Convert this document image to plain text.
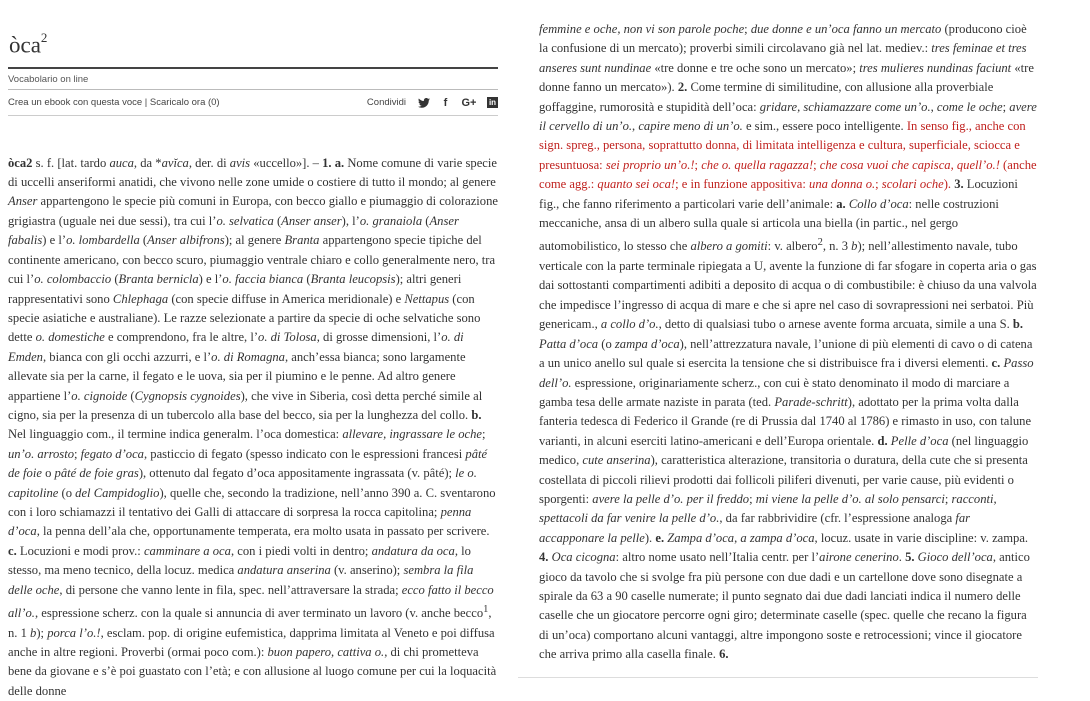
òca$^2$
Vocabolario on line
Crea un ebook con questa voce | Scaricalo ora (0)	Condividi	f	G+ in
òca2 s. f. [lat. tardo auca, da *avĭca, der. di avis «uccello»]. – 1. a. Nome comune di varie specie di uccelli anseriformi anatidi, che vivono nelle zone umide o costiere di tutto il mondo; al genere Anser appartengono le specie più comuni in Europa, con becco giallo e piumaggio di colorazione grigiastra (uguale nei due sessi), tra cui l’o. selvatica (Anser anser), l’o. granaiola (Anser fabalis) e l’o. lombardella (Anser albifrons); al genere Branta appartengono specie tipiche del continente americano, con becco scuro, piumaggio ventrale chiaro e collo generalmente nero, tra cui l’o. colombaccio (Branta bernicla) e l’o. faccia bianca (Branta leucopsis); altri generi rappresentativi sono Chlephaga (con specie diffuse in America meridionale) e Nettapus (con specie asiatiche e australiane). Le razze selezionate a partire da specie di oche selvatiche sono dette o. domestiche e comprendono, fra le altre, l’o. di Tolosa, di grosse dimensioni, l’o. di Emden, bianca con gli occhi azzurri, e l’o. di Romagna, anch’essa bianca; sono largamente allevate sia per la carne, il fegato e le uova, sia per il piumino e le penne. Ad altro genere appartiene l’o. cignoide (Cygnopsis cygnoides), che vive in Siberia, così detta perché simile al cigno, sia per la presenza di un tubercolo alla base del becco, sia per la lunghezza del collo. b. Nel linguaggio com., il termine indica generalm. l’oca domestica: allevare, ingrassare le oche; un’o. arrosto; fegato d’oca, pasticcio di fegato (spesso indicato con le espressioni francesi pâté de foie o pâté de foie gras), ottenuto dal fegato d’oca appositamente ingrassata (v. pâté); le o. capitoline (o del Campidoglio), quelle che, secondo la tradizione, nell’anno 390 a. C. sventarono con i loro schiamazzi il tentativo dei Galli di attaccare di sorpresa la rocca capitolina; penna d’oca, la penna dell’ala che, opportunamente temperata, era molto usata in passato per scrivere. c. Locuzioni e modi prov.: camminare a oca, con i piedi volti in dentro; andatura da oca, lo stesso, ma meno tecnico, della locuz. medica andatura anserina (v. anserino); sembra la fila delle oche, di persone che vanno lente in fila, spec. nell’attraversare la strada; ecco fatto il becco all’o., espressione scherz. con la quale si annuncia di aver terminato un lavoro (v. anche becco$^1$, n. 1 b); porca l’o.!, esclam. pop. di origine eufemistica, dapprima limitata al Veneto e poi diffusa anche in altre regioni. Proverbi (ormai poco com.): buon papero, cattiva o., di chi prometteva bene da giovane e s’è poi guastato con l’età; e con allusione al luogo comune per cui la loquacità delle donne
femmine e oche, non vi son parole poche; due donne e un’oca fanno un mercato (producono cioè la confusione di un mercato); proverbi simili circolavano già nel lat. mediev.: tres feminae et tres anseres sunt nundinae «tre donne e tre oche sono un mercato»; tres mulieres nundinas faciunt «tre donne fanno un mercato»). 2. Come termine di similitudine, con allusione alla proverbiale goffaggine, rumorosità e stupidità dell’oca: gridare, schiamazzare come un’o., come le oche; avere il cervello di un’o., capire meno di un’o. e sim., essere poco intelligente. In senso fig., anche con sign. spreg., persona, soprattutto donna, di limitata intelligenza e cultura, superficiale, sciocca e presuntuosa: sei proprio un’o.!; che o. quella ragazza!; che cosa vuoi che capisca, quell’o.! (anche come agg.: quanto sei oca!; e in funzione appositiva: una donna o.; scolari oche). 3. Locuzioni fig., che fanno riferimento a particolari varie dell’animale: a. Collo d’oca: nelle costruzioni meccaniche, ansa di un albero sulla quale si articola una biella (in partic., nel gergo automobilistico, lo stesso che albero a gomiti: v. albero$^2$, n. 3 b); nell’allestimento navale, tubo verticale con la parte terminale ripiegata a U, avente la funzione di far sfogare in coperta aria o gas dai sottostanti compartimenti adibiti a deposito di acqua o di combustibile: è chiuso da una valvola che impedisce l’ingresso di acqua di mare e che si apre nel caso di sovrapressioni nei serbatoi. Più genericam., a collo d’o., detto di qualsiasi tubo o arnese avente forma arcuata, simile a una S. b. Patta d’oca (o zampa d’oca), nell’attrezzatura navale, l’unione di più elementi di cavo o di catena a un unico anello sul quale si esercita la tensione che si distribuisce fra i diversi elementi. c. Passo dell’o. espressione, originariamente scherz., con cui è stato denominato il modo di marciare a gamba tesa delle armate naziste in parata (ted. Parade-schritt), adottato per la prima volta dalla fanteria tedesca di Federico il Grande (re di Prussia dal 1740 al 1786) e rimasto in uso, con talune varianti, in alcuni eserciti latino-americani e dell’Europa orientale. d. Pelle d’oca (nel linguaggio medico, cute anserina), caratteristica alterazione, transitoria o duratura, della cute che si presenta costellata di piccoli rilievi prodotti dai follicoli piliferi divenuti, per varie cause, più evidenti o sporgenti: avere la pelle d’o. per il freddo; mi viene la pelle d’o. al solo pensarci; racconti, spettacoli da far venire la pelle d’o., da far rabbrividire (cfr. l’espressione analoga far accapponare la pelle). e. Zampa d’oca, a zampa d’oca, locuz. usate in varie discipline: v. zampa. 4. Oca cicogna: altro nome usato nell’Italia centr. per l’airone cenerino. 5. Gioco dell’oca, antico gioco da tavolo che si svolge fra più persone con due dadi e un cartellone dove sono disegnate a spirale da 63 a 90 caselle numerate; il punto segnato dai due dadi lanciati indica il numero delle caselle che un giocatore percorre ogni giro; determinate caselle (spec. quelle che recano la figura di un’oca) comportano alcuni vantaggi, altre impongono soste e retrocessioni; vince il giocatore che arriva primo alla casella finale. 6.
